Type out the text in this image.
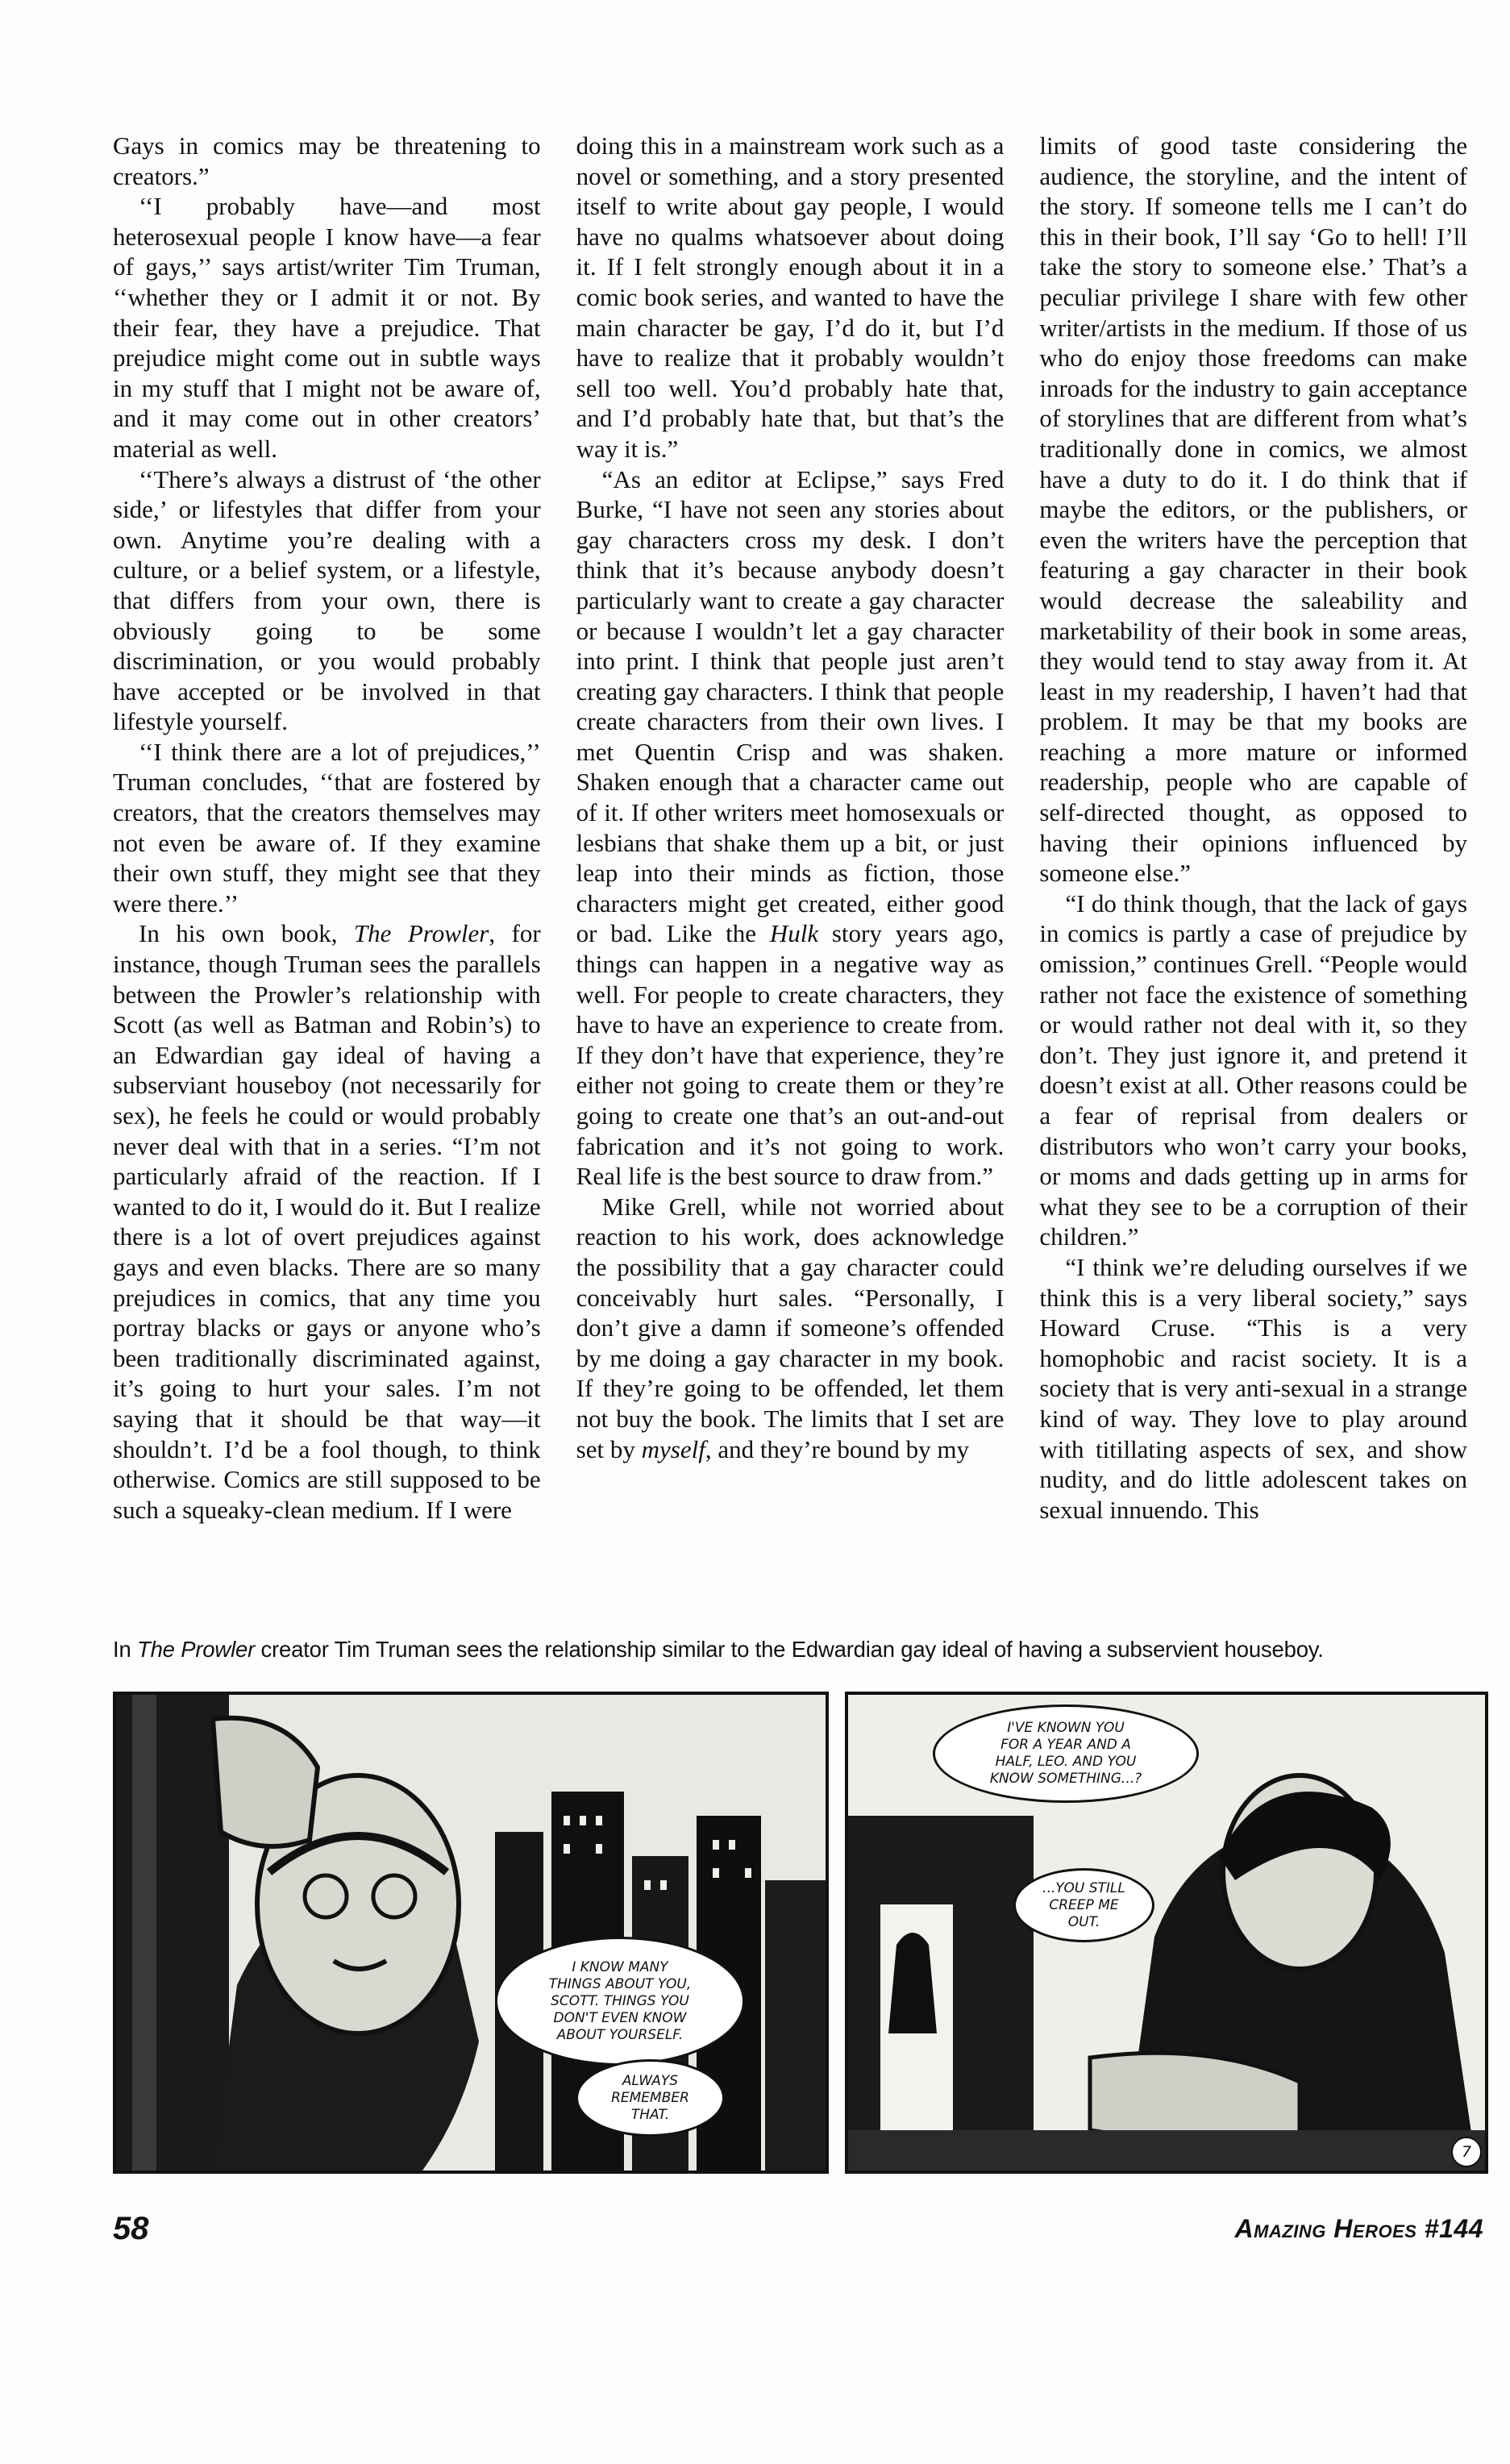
Gays in comics may be threatening to creators.”

‘‘I probably have—and most heterosexual people I know have—a fear of gays,’’ says artist/writer Tim Truman, ‘‘whether they or I admit it or not. By their fear, they have a prejudice. That prejudice might come out in subtle ways in my stuff that I might not be aware of, and it may come out in other creators’ material as well.

‘‘There’s always a distrust of ‘the other side,’ or lifestyles that differ from your own. Anytime you’re dealing with a culture, or a belief system, or a lifestyle, that differs from your own, there is obviously going to be some discrimination, or you would probably have accepted or be involved in that lifestyle yourself.

‘‘I think there are a lot of prejudices,’’ Truman concludes, ‘‘that are fostered by creators, that the creators themselves may not even be aware of. If they examine their own stuff, they might see that they were there.’’

In his own book, The Prowler, for instance, though Truman sees the parallels between the Prowler’s relationship with Scott (as well as Batman and Robin’s) to an Edwardian gay ideal of having a subserviant houseboy (not necessarily for sex), he feels he could or would probably never deal with that in a series. “I’m not particularly afraid of the reaction. If I wanted to do it, I would do it. But I realize there is a lot of overt prejudices against gays and even blacks. There are so many prejudices in comics, that any time you portray blacks or gays or anyone who’s been traditionally discriminated against, it’s going to hurt your sales. I’m not saying that it should be that way—it shouldn’t. I’d be a fool though, to think otherwise. Comics are still supposed to be such a squeaky-clean medium. If I were

doing this in a mainstream work such as a novel or something, and a story presented itself to write about gay people, I would have no qualms whatsoever about doing it. If I felt strongly enough about it in a comic book series, and wanted to have the main character be gay, I’d do it, but I’d have to realize that it probably wouldn’t sell too well. You’d probably hate that, and I’d probably hate that, but that’s the way it is.”

“As an editor at Eclipse,” says Fred Burke, “I have not seen any stories about gay characters cross my desk. I don’t think that it’s because anybody doesn’t particularly want to create a gay character or because I wouldn’t let a gay character into print. I think that people just aren’t creating gay characters. I think that people create characters from their own lives. I met Quentin Crisp and was shaken. Shaken enough that a character came out of it. If other writers meet homosexuals or lesbians that shake them up a bit, or just leap into their minds as fiction, those characters might get created, either good or bad. Like the Hulk story years ago, things can happen in a negative way as well. For people to create characters, they have to have an experience to create from. If they don’t have that experience, they’re either not going to create them or they’re going to create one that’s an out-and-out fabrication and it’s not going to work. Real life is the best source to draw from.”

Mike Grell, while not worried about reaction to his work, does acknowledge the possibility that a gay character could conceivably hurt sales. “Personally, I don’t give a damn if someone’s offended by me doing a gay character in my book. If they’re going to be offended, let them not buy the book. The limits that I set are set by myself, and they’re bound by my

limits of good taste considering the audience, the storyline, and the intent of the story. If someone tells me I can’t do this in their book, I’ll say ‘Go to hell! I’ll take the story to someone else.’ That’s a peculiar privilege I share with few other writer/artists in the medium. If those of us who do enjoy those freedoms can make inroads for the industry to gain acceptance of storylines that are different from what’s traditionally done in comics, we almost have a duty to do it. I do think that if maybe the editors, or the publishers, or even the writers have the perception that featuring a gay character in their book would decrease the saleability and marketability of their book in some areas, they would tend to stay away from it. At least in my readership, I haven’t had that problem. It may be that my books are reaching a more mature or informed readership, people who are capable of self-directed thought, as opposed to having their opinions influenced by someone else.”

“I do think though, that the lack of gays in comics is partly a case of prejudice by omission,” continues Grell. “People would rather not face the existence of something or would rather not deal with it, so they don’t. They just ignore it, and pretend it doesn’t exist at all. Other reasons could be a fear of reprisal from dealers or distributors who won’t carry your books, or moms and dads getting up in arms for what they see to be a corruption of their children.”

“I think we’re deluding ourselves if we think this is a very liberal society,” says Howard Cruse. “This is a very homophobic and racist society. It is a society that is very anti-sexual in a strange kind of way. They love to play around with titillating aspects of sex, and show nudity, and do little adolescent takes on sexual innuendo. This

In The Prowler creator Tim Truman sees the relationship similar to the Edwardian gay ideal of having a subservient houseboy.
I KNOW MANY
THINGS ABOUT YOU,
SCOTT. THINGS YOU
DON'T EVEN KNOW
ABOUT YOURSELF.
ALWAYS
REMEMBER
THAT.
I'VE KNOWN YOU
FOR A YEAR AND A
HALF, LEO. AND YOU
KNOW SOMETHING...?
...YOU STILL
CREEP ME
OUT.
7
58	Amazing Heroes #144
